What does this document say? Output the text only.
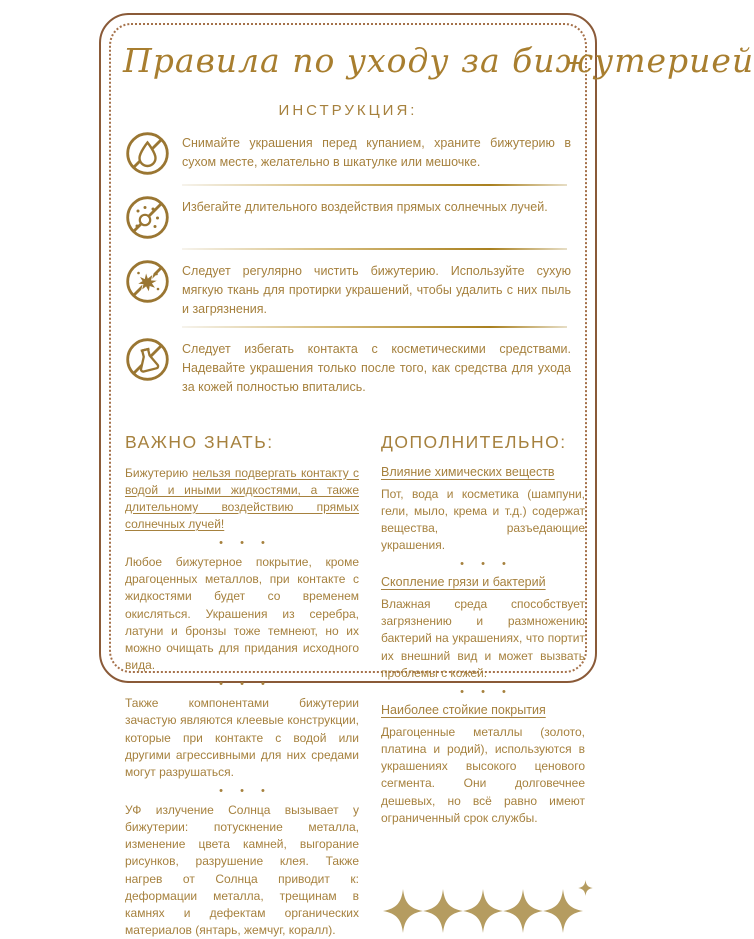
Правила по уходу за бижутерией
ИНСТРУКЦИЯ:

Снимайте украшения перед купанием, храните бижутерию в сухом месте, желательно в шкатулке или мешочке.

Избегайте длительного воздействия прямых солнечных лучей.

Следует регулярно чистить бижутерию. Используйте сухую мягкую ткань для протирки украшений, чтобы удалить с них пыль и загрязнения.

Следует избегать контакта с косметическими средствами. Надевайте украшения только после того, как средства для ухода за кожей полностью впитались.

ВАЖНО ЗНАТЬ:

Бижутерию нельзя подвергать контакту с водой и иными жидкостями, а также длительному воздействию прямых солнечных лучей!

• • •

Любое бижутерное покрытие, кроме драгоценных металлов, при контакте с жидкостями будет со временем окисляться. Украшения из серебра, латуни и бронзы тоже темнеют, но их можно очищать для придания исходного вида.

• • •

Также компонентами бижутерии зачастую являются клеевые конструкции, которые при контакте с водой или другими агрессивными для них средами могут разрушаться.

• • •

УФ излучение Солнца вызывает у бижутерии: потускнение металла, изменение цвета камней, выгорание рисунков, разрушение клея. Также нагрев от Солнца приводит к: деформации металла, трещинам в камнях и дефектам органических материалов (янтарь, жемчуг, коралл).

ДОПОЛНИТЕЛЬНО:
Влияние химических веществ

Пот, вода и косметика (шампуни, гели, мыло, крема и т.д.) содержат вещества, разъедающие украшения.

• • •
Скопление грязи и бактерий

Влажная среда способствует загрязнению и размножению бактерий на украшениях, что портит их внешний вид и может вызвать проблемы с кожей.

• • •
Наиболее стойкие покрытия

Драгоценные металлы (золото, платина и родий), используются в украшениях высокого ценового сегмента. Они долговечнее дешевых, но всё равно имеют ограниченный срок службы.
